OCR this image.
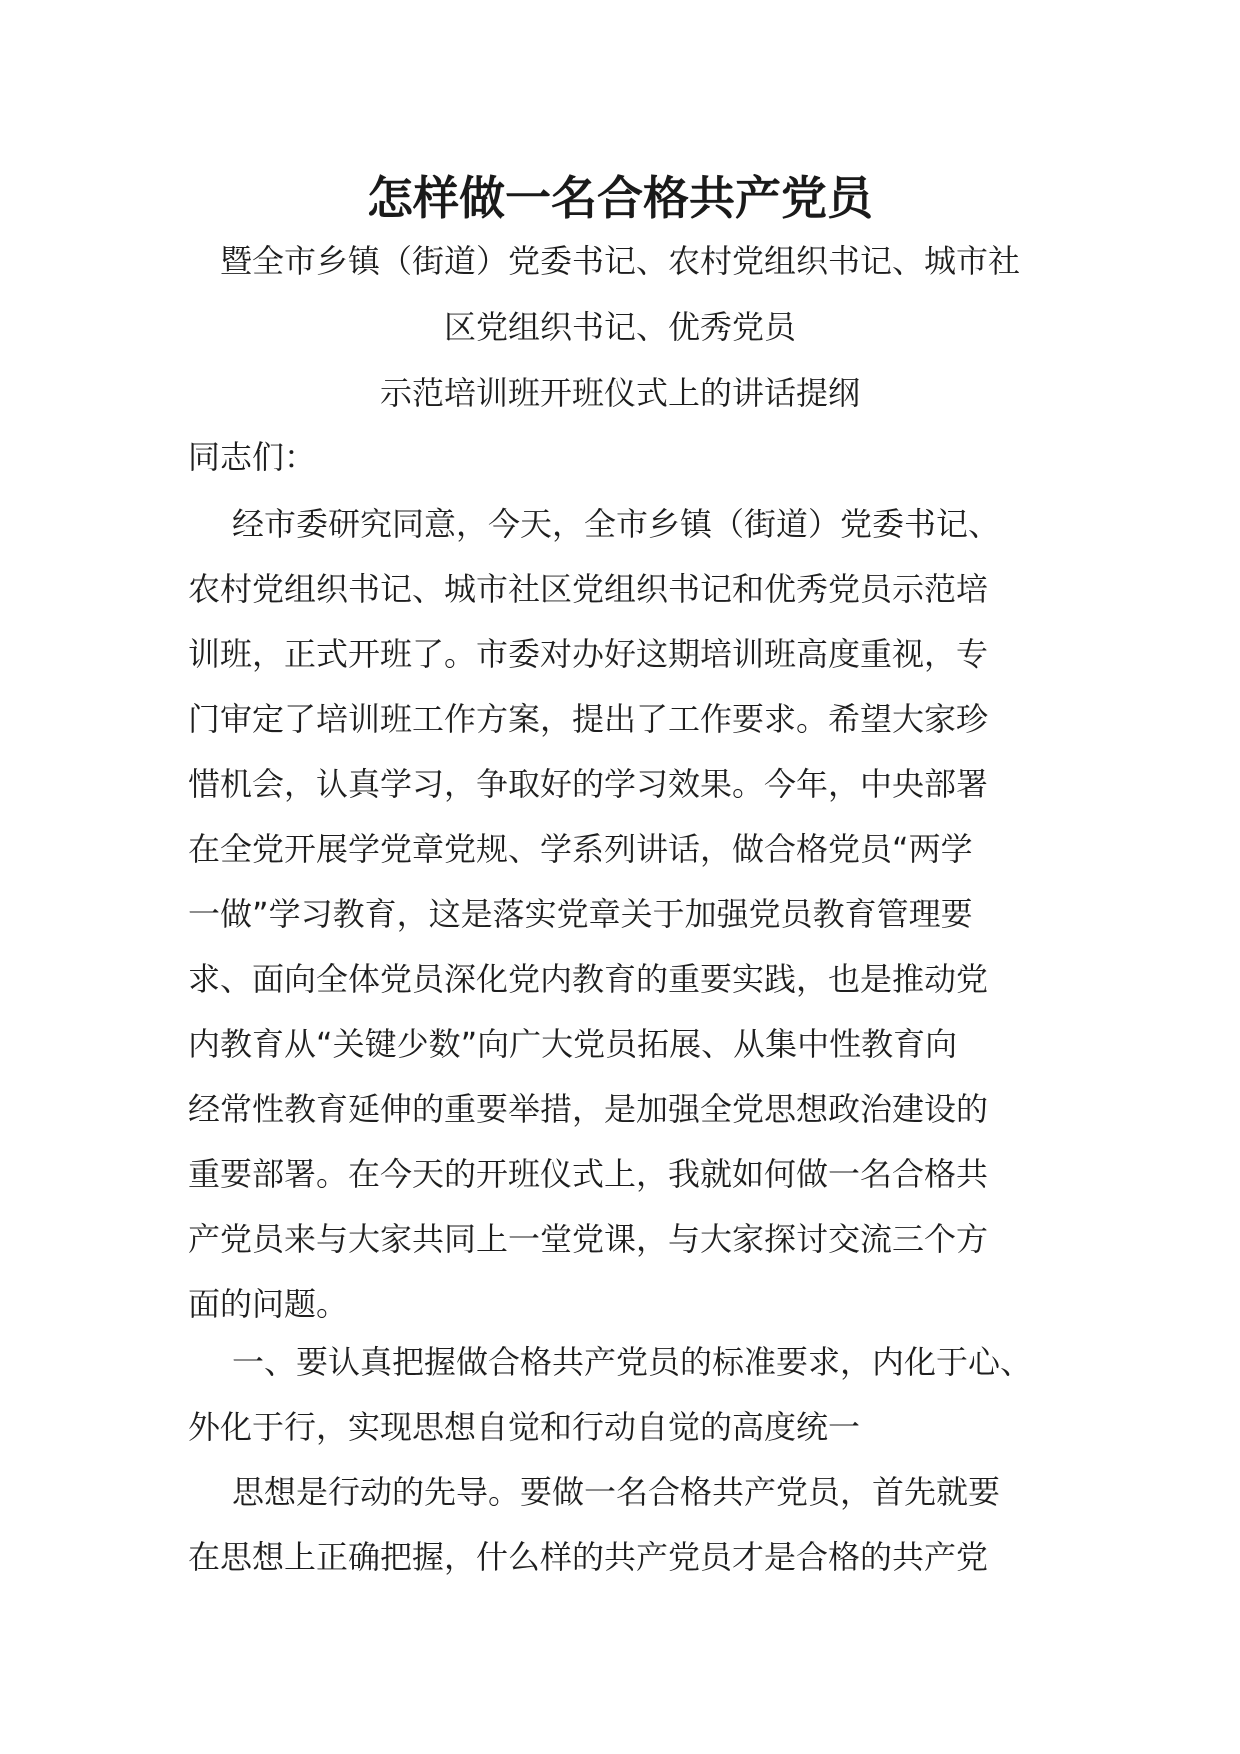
怎样做一名合格共产党员
暨全市乡镇（街道）党委书记、农村党组织书记、城市社
区党组织书记、优秀党员
示范培训班开班仪式上的讲话提纲
同志们：
经市委研究同意，今天，全市乡镇（街道）党委书记、
农村党组织书记、城市社区党组织书记和优秀党员示范培
训班，正式开班了。市委对办好这期培训班高度重视，专
门审定了培训班工作方案，提出了工作要求。希望大家珍
惜机会，认真学习，争取好的学习效果。今年，中央部署
在全党开展学党章党规、学系列讲话，做合格党员“两学
一做”学习教育，这是落实党章关于加强党员教育管理要
求、面向全体党员深化党内教育的重要实践，也是推动党
内教育从“关键少数”向广大党员拓展、从集中性教育向
经常性教育延伸的重要举措，是加强全党思想政治建设的
重要部署。在今天的开班仪式上，我就如何做一名合格共
产党员来与大家共同上一堂党课，与大家探讨交流三个方
面的问题。
一、要认真把握做合格共产党员的标准要求，内化于心、
外化于行，实现思想自觉和行动自觉的高度统一
思想是行动的先导。要做一名合格共产党员，首先就要
在思想上正确把握，什么样的共产党员才是合格的共产党
